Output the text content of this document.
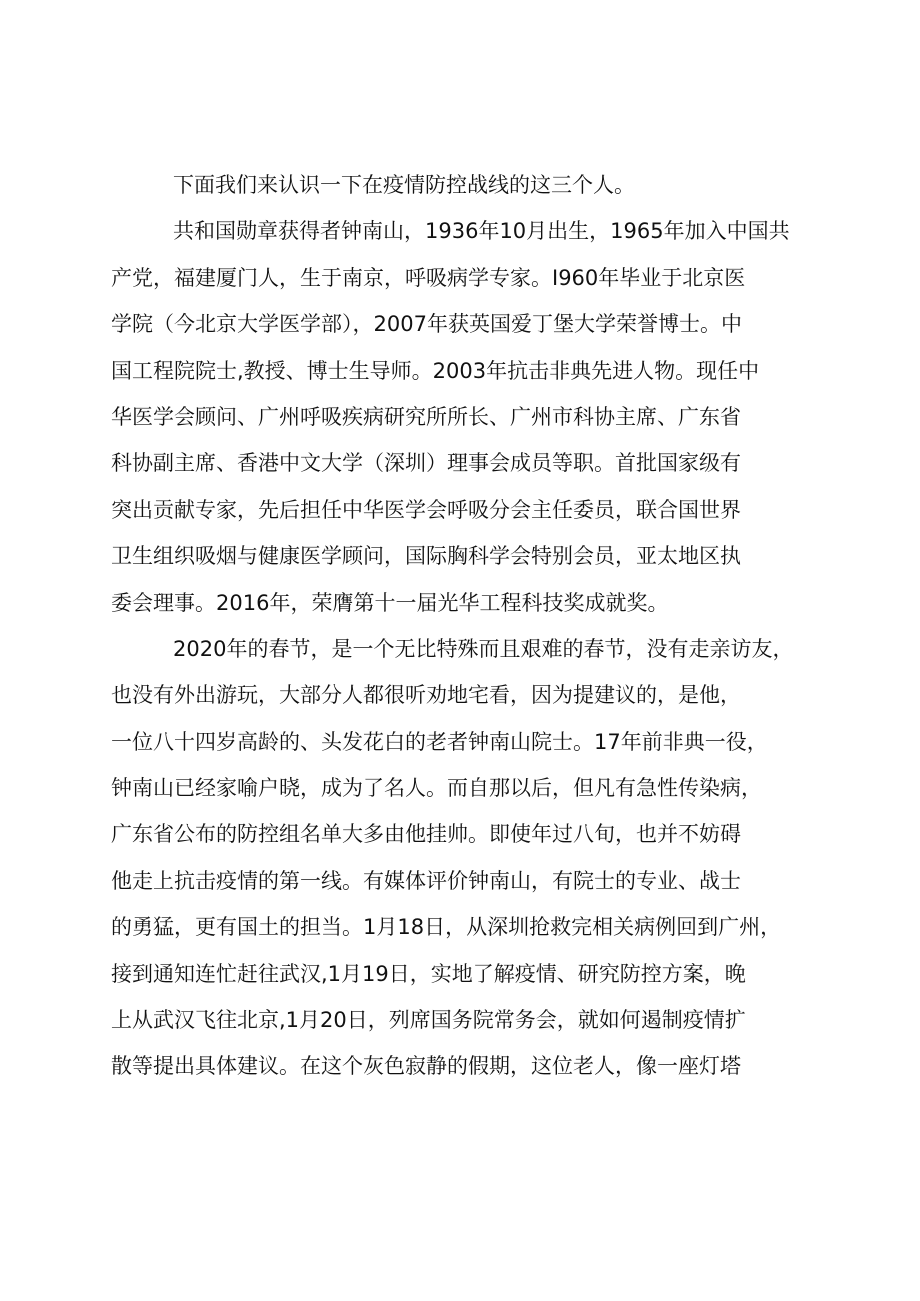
下面我们来认识一下在疫情防控战线的这三个人。
共和国勋章获得者钟南山，1936年10月出生，1965年加入中国共
产党，福建厦门人，生于南京，呼吸病学专家。I960年毕业于北京医
学院（今北京大学医学部），2007年获英国爱丁堡大学荣誉博士。中
国工程院院士,教授、博士生导师。2003年抗击非典先进人物。现任中
华医学会顾问、广州呼吸疾病研究所所长、广州市科协主席、广东省
科协副主席、香港中文大学（深圳）理事会成员等职。首批国家级有
突出贡献专家，先后担任中华医学会呼吸分会主任委员，联合国世界
卫生组织吸烟与健康医学顾问，国际胸科学会特别会员，亚太地区执
委会理事。2016年，荣膺第十一届光华工程科技奖成就奖。
2020年的春节，是一个无比特殊而且艰难的春节，没有走亲访友，
也没有外出游玩，大部分人都很听劝地宅看，因为提建议的，是他，
一位八十四岁高龄的、头发花白的老者钟南山院士。17年前非典一役，
钟南山已经家喻户晓，成为了名人。而自那以后，但凡有急性传染病，
广东省公布的防控组名单大多由他挂帅。即使年过八旬，也并不妨碍
他走上抗击疫情的第一线。有媒体评价钟南山，有院士的专业、战士
的勇猛，更有国土的担当。1月18日，从深圳抢救完相关病例回到广州，
接到通知连忙赶往武汉,1月19日，实地了解疫情、研究防控方案，晚
上从武汉飞往北京,1月20日，列席国务院常务会，就如何遏制疫情扩
散等提出具体建议。在这个灰色寂静的假期，这位老人，像一座灯塔
